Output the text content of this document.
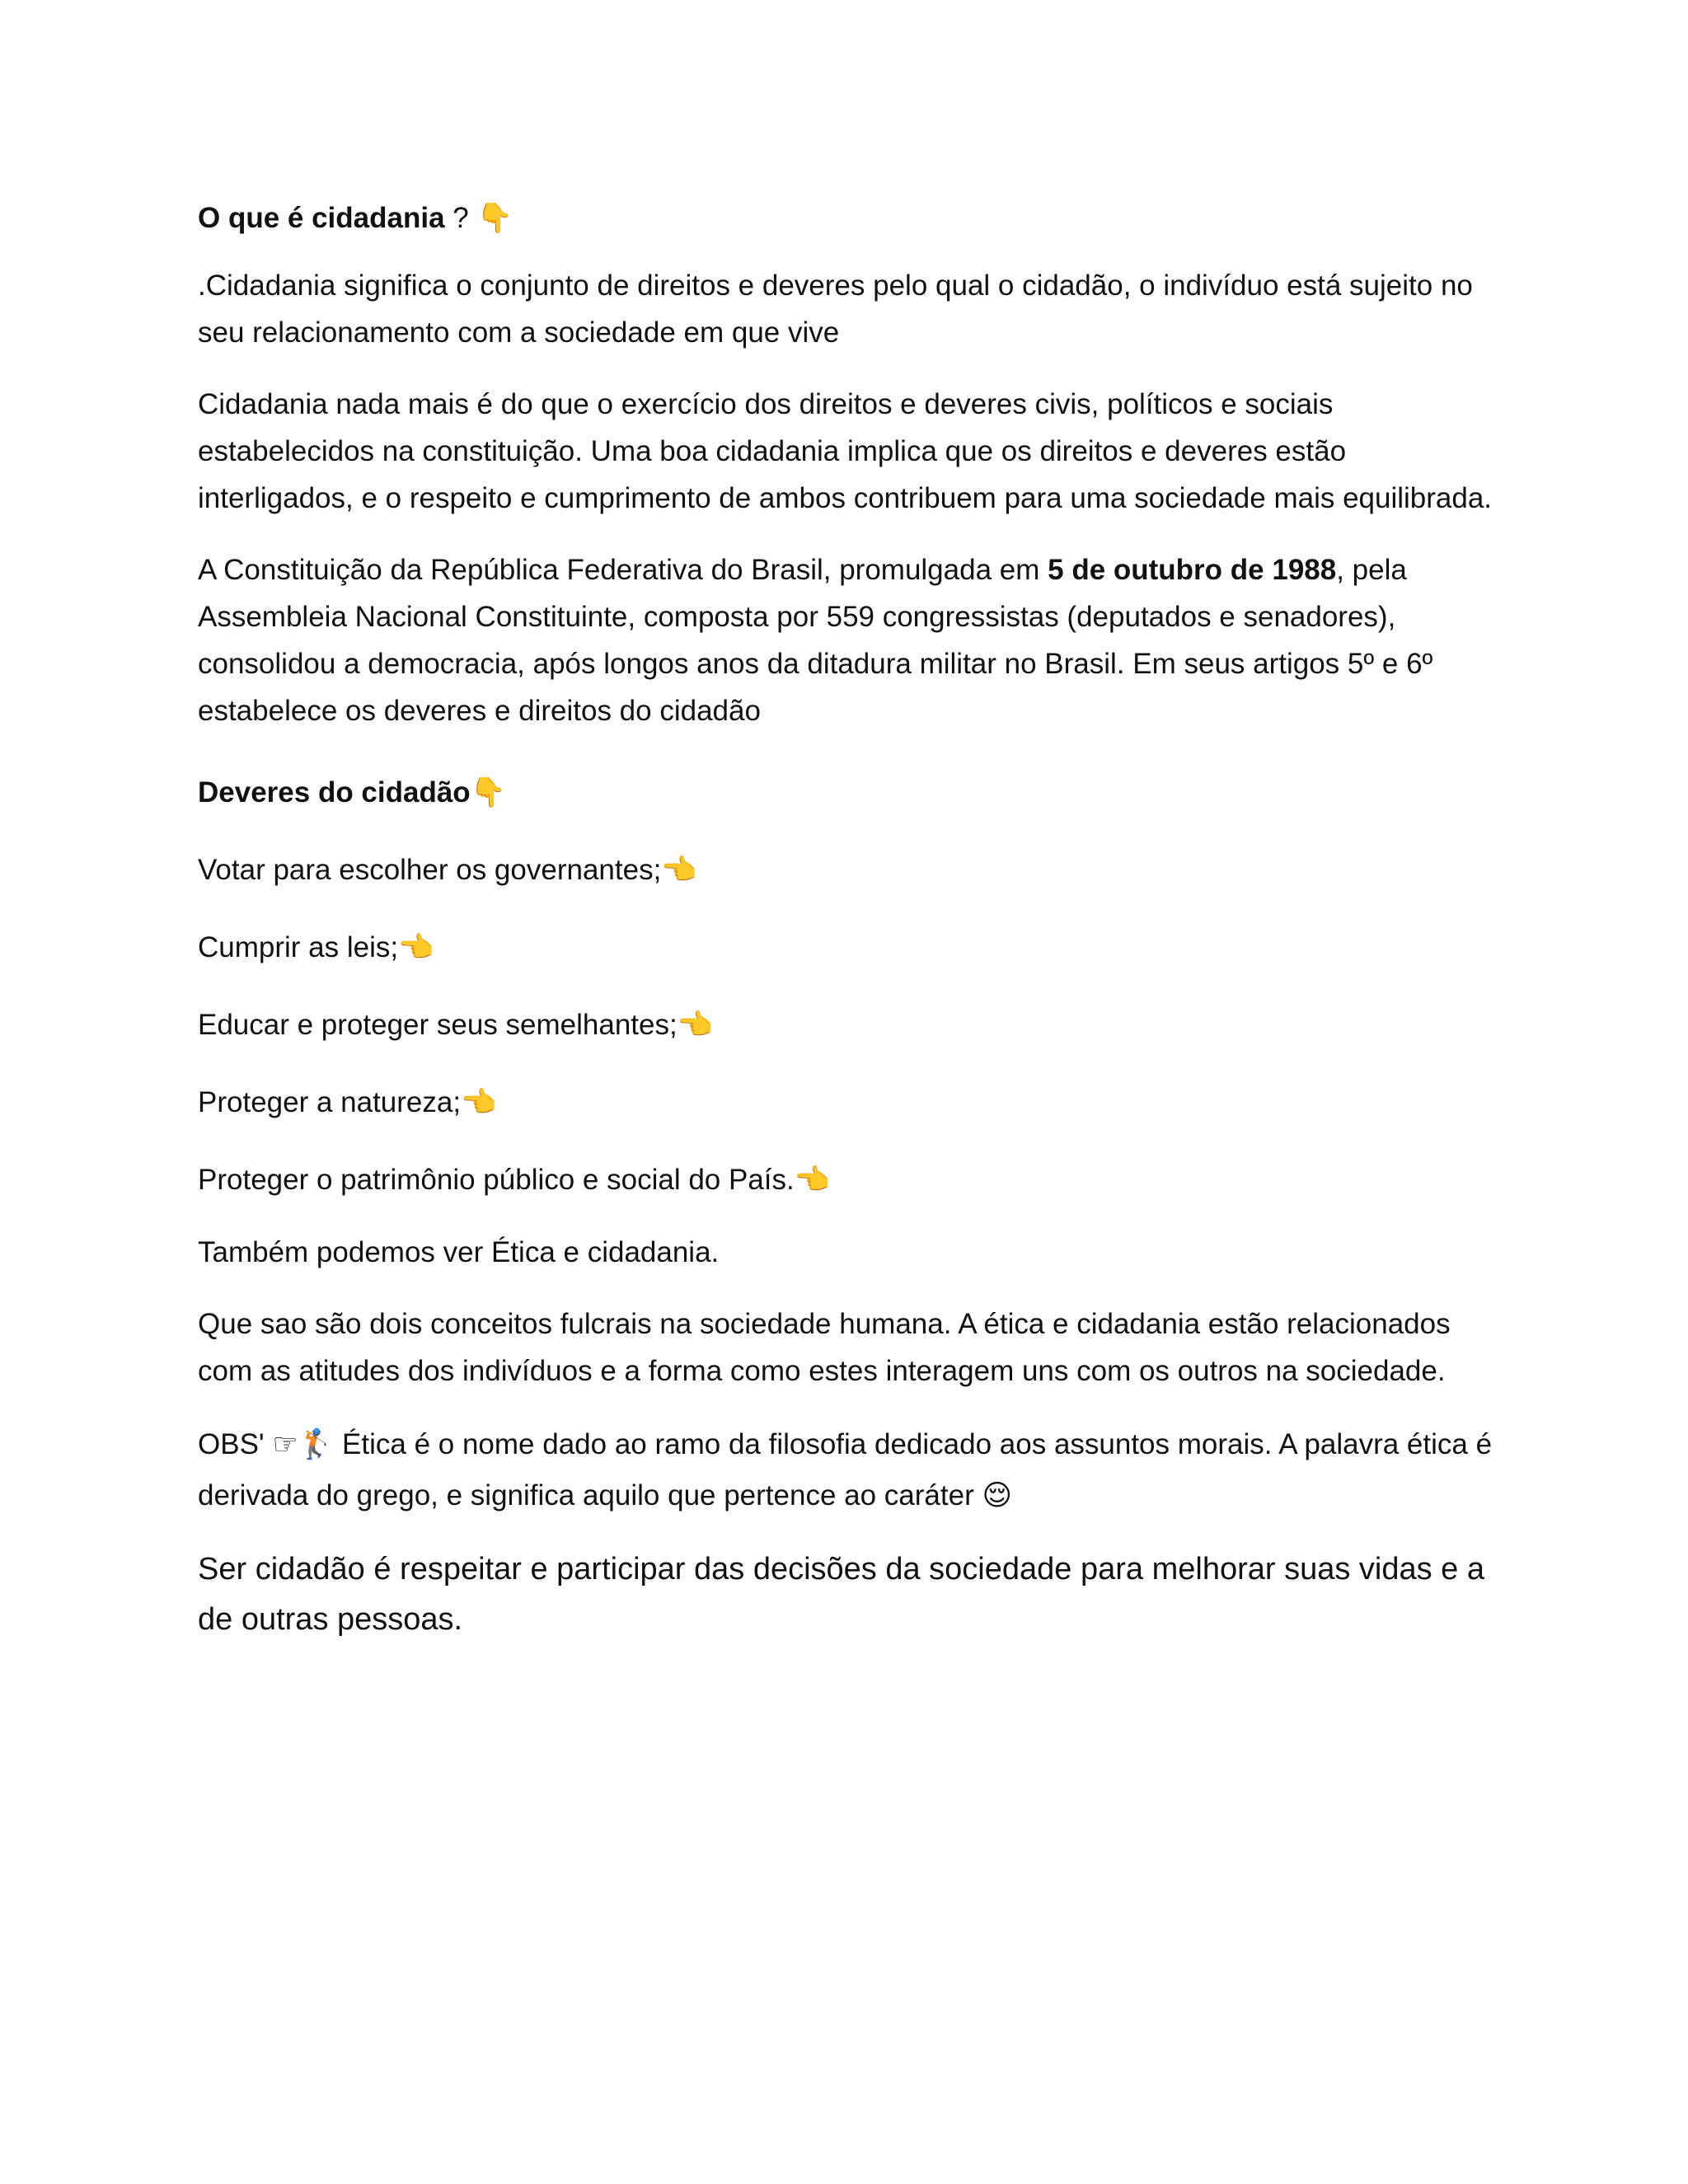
O que é cidadania ? 👇

.Cidadania significa o conjunto de direitos e deveres pelo qual o cidadão, o indivíduo está sujeito no seu relacionamento com a sociedade em que vive

Cidadania nada mais é do que o exercício dos direitos e deveres civis, políticos e sociais estabelecidos na constituição. Uma boa cidadania implica que os direitos e deveres estão interligados, e o respeito e cumprimento de ambos contribuem para uma sociedade mais equilibrada.

A Constituição da República Federativa do Brasil, promulgada em 5 de outubro de 1988, pela Assembleia Nacional Constituinte, composta por 559 congressistas (deputados e senadores), consolidou a democracia, após longos anos da ditadura militar no Brasil. Em seus artigos 5º e 6º estabelece os deveres e direitos do cidadão

Deveres do cidadão👇

Votar para escolher os governantes;👈

Cumprir as leis;👈

Educar e proteger seus semelhantes;👈

Proteger a natureza;👈

Proteger o patrimônio público e social do País.👈

Também podemos ver Ética e cidadania.

Que sao são dois conceitos fulcrais na sociedade humana. A ética e cidadania estão relacionados com as atitudes dos indivíduos e a forma como estes interagem uns com os outros na sociedade.

OBS' ☞🏌 Ética é o nome dado ao ramo da filosofia dedicado aos assuntos morais. A palavra ética é derivada do grego, e significa aquilo que pertence ao caráter 😌

Ser cidadão é respeitar e participar das decisões da sociedade para melhorar suas vidas e a de outras pessoas.
